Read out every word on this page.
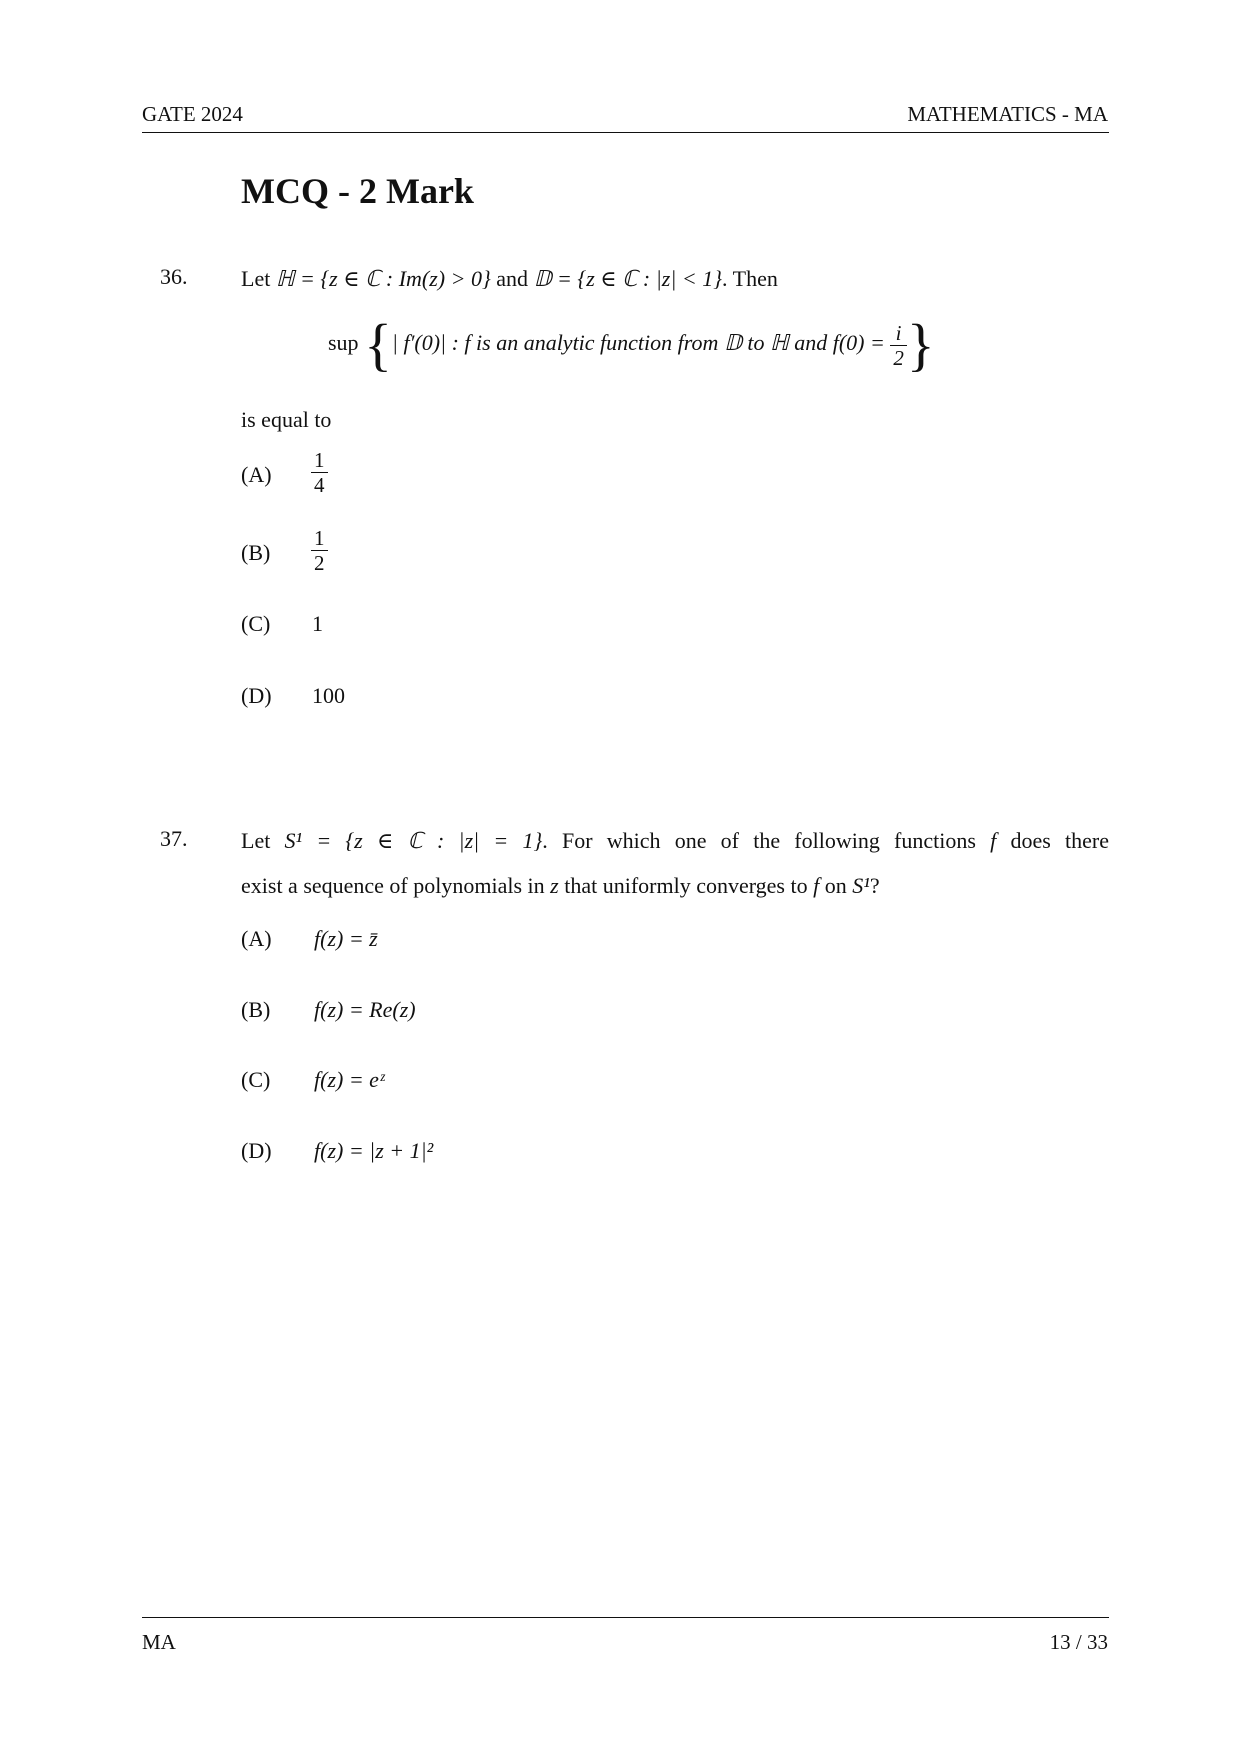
GATE 2024	MATHEMATICS - MA
MCQ - 2 Mark
36. Let ℍ = {z ∈ ℂ : Im(z) > 0} and 𝔻 = {z ∈ ℂ : |z| < 1}. Then
sup {| f′(0)| : f is an analytic function from 𝔻 to ℍ and $f(0) = \frac{i}{2}$ }
is equal to
$(A) \frac{1}{4}$
$(B) \frac{1}{2}$
(C) 1
(D) 100
37. Let S¹ = {z ∈ ℂ : |z| = 1}. For which one of the following functions f does there
exist a sequence of polynomials in z that uniformly converges to f on S¹?
(A) f(z) = z̄
(B) f(z) = Re(z)
(C) f(z) = eᶻ
(D) f(z) = |z + 1|²
MA	13 / 33
